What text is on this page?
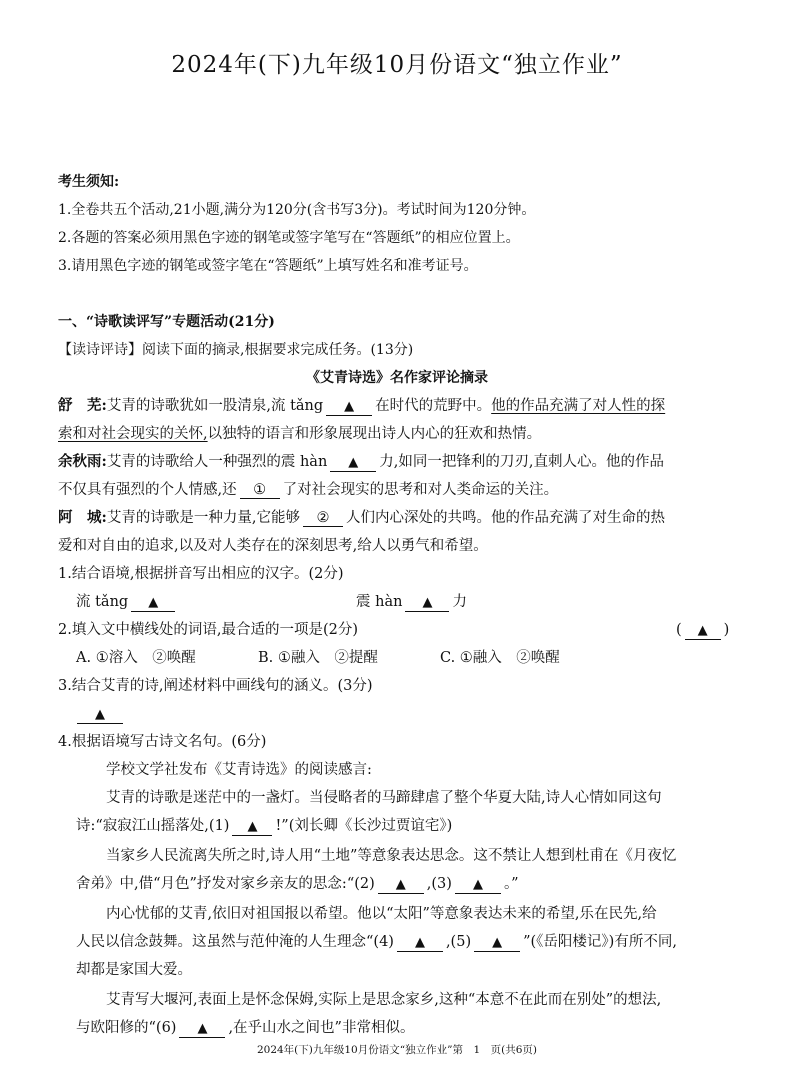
2024年(下)九年级10月份语文“独立作业”
考生须知:
1.全卷共五个活动,21小题,满分为120分(含书写3分)。考试时间为120分钟。
2.各题的答案必须用黑色字迹的钢笔或签字笔写在“答题纸”的相应位置上。
3.请用黑色字迹的钢笔或签字笔在“答题纸”上填写姓名和准考证号。
一、“诗歌读评写”专题活动(21分)
【读诗评诗】阅读下面的摘录,根据要求完成任务。(13分)
《艾青诗选》名作家评论摘录
舒　芜:艾青的诗歌犹如一股清泉,流 tǎng ▲ 在时代的荒野中。他的作品充满了对人性的探
索和对社会现实的关怀,以独特的语言和形象展现出诗人内心的狂欢和热情。
余秋雨:艾青的诗歌给人一种强烈的震 hàn ▲ 力,如同一把锋利的刀刃,直刺人心。他的作品
不仅具有强烈的个人情感,还 ① 了对社会现实的思考和对人类命运的关注。
阿　城:艾青的诗歌是一种力量,它能够 ② 人们内心深处的共鸣。他的作品充满了对生命的热
爱和对自由的追求,以及对人类存在的深刻思考,给人以勇气和希望。
1.结合语境,根据拼音写出相应的汉字。(2分)
流 tǎng ▲	震 hàn ▲ 力
2.填入文中横线处的词语,最合适的一项是(2分)	( ▲ )
A. ①溶入　②唤醒	B. ①融入　②提醒	C. ①融入　②唤醒
3.结合艾青的诗,阐述材料中画线句的涵义。(3分)
▲
4.根据语境写古诗文名句。(6分)
学校文学社发布《艾青诗选》的阅读感言:
艾青的诗歌是迷茫中的一盏灯。当侵略者的马蹄肆虐了整个华夏大陆,诗人心情如同这句
诗:“寂寂江山摇落处,(1) ▲ !”(刘长卿《长沙过贾谊宅》)
当家乡人民流离失所之时,诗人用“土地”等意象表达思念。这不禁让人想到杜甫在《月夜忆
舍弟》中,借“月色”抒发对家乡亲友的思念:“(2) ▲ ,(3) ▲ 。”
内心忧郁的艾青,依旧对祖国报以希望。他以“太阳”等意象表达未来的希望,乐在民先,给
人民以信念鼓舞。这虽然与范仲淹的人生理念“(4) ▲ ,(5) ▲ ”(《岳阳楼记》)有所不同,
却都是家国大爱。
艾青写大堰河,表面上是怀念保姆,实际上是思念家乡,这种“本意不在此而在别处”的想法,
与欧阳修的“(6) ▲ ,在乎山水之间也”非常相似。
2024年(下)九年级10月份语文“独立作业”第　1　页(共6页)
